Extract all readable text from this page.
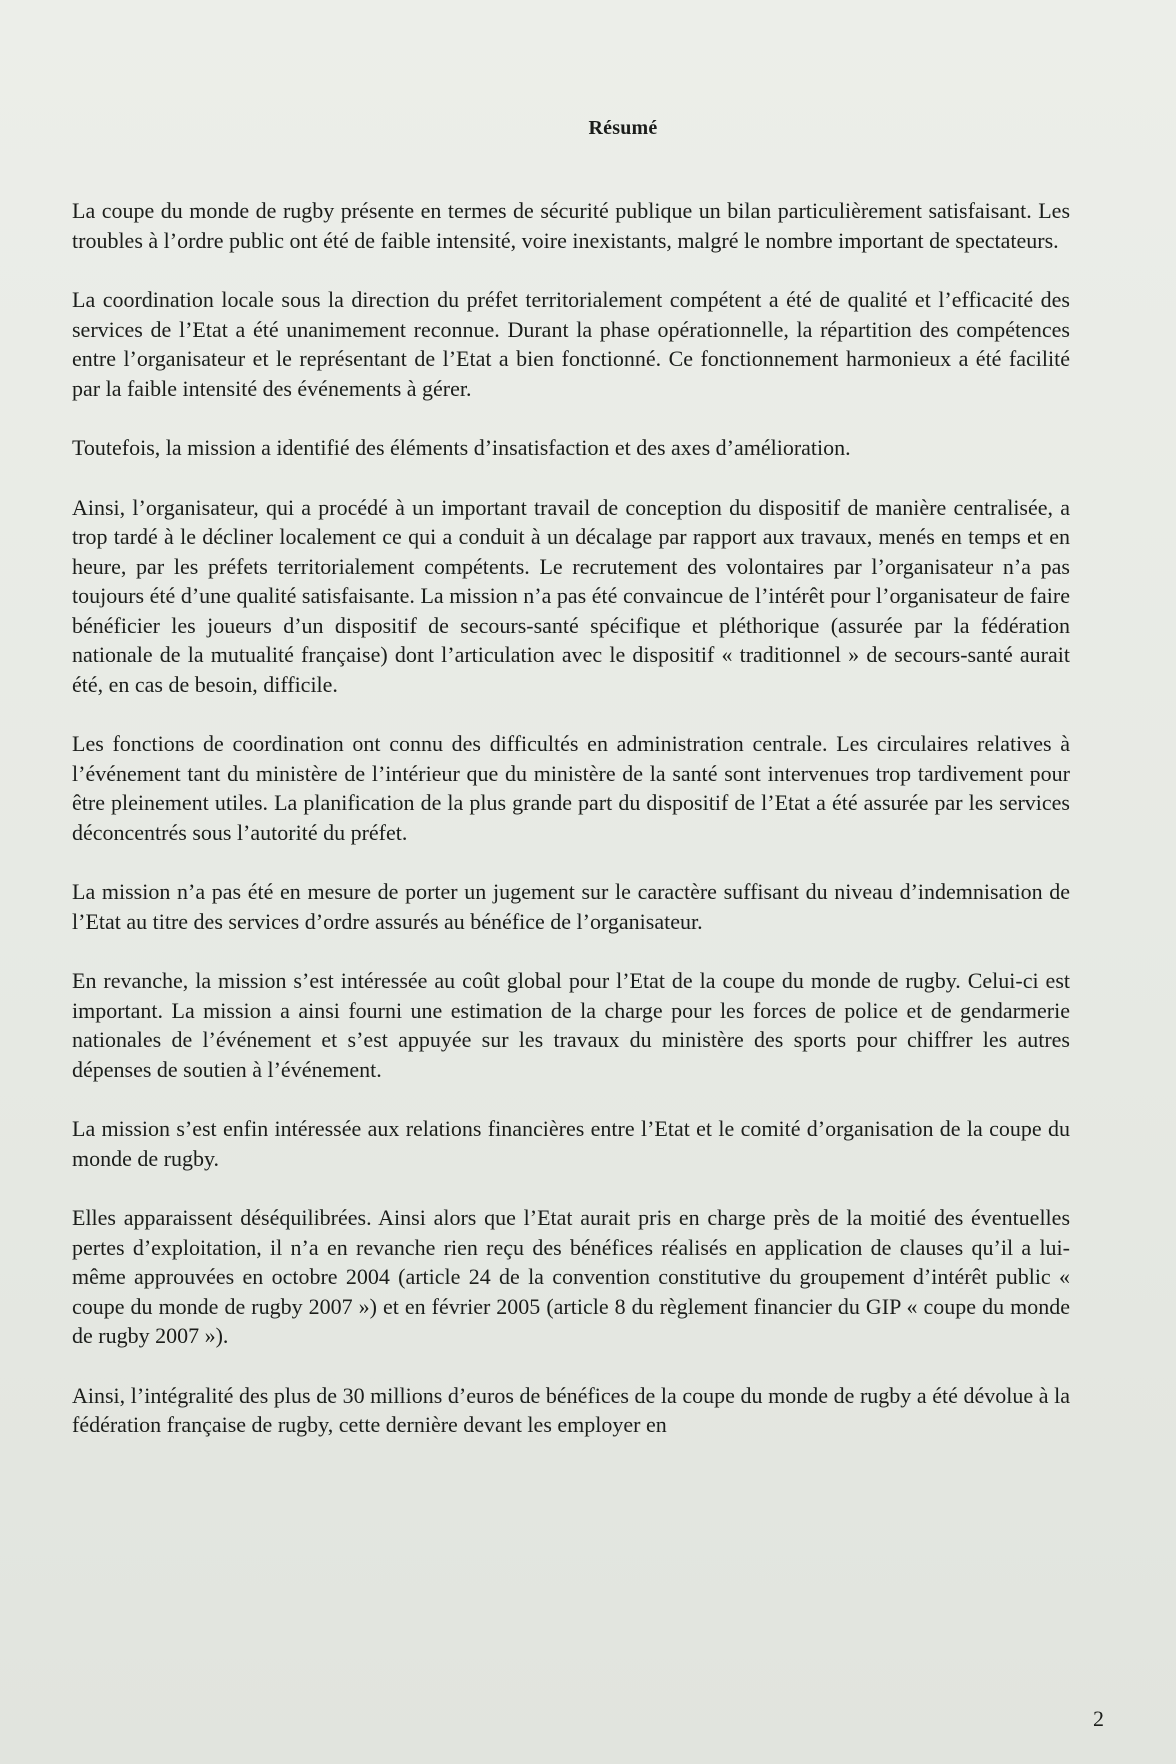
Résumé

La coupe du monde de rugby présente en termes de sécurité publique un bilan particulièrement satisfaisant. Les troubles à l’ordre public ont été de faible intensité, voire inexistants, malgré le nombre important de spectateurs.

La coordination locale sous la direction du préfet territorialement compétent a été de qualité et l’efficacité des services de l’Etat a été unanimement reconnue. Durant la phase opérationnelle, la répartition des compétences entre l’organisateur et le représentant de l’Etat a bien fonctionné. Ce fonctionnement harmonieux a été facilité par la faible intensité des événements à gérer.

Toutefois, la mission a identifié des éléments d’insatisfaction et des axes d’amélioration.

Ainsi, l’organisateur, qui a procédé à un important travail de conception du dispositif de manière centralisée, a trop tardé à le décliner localement ce qui a conduit à un décalage par rapport aux travaux, menés en temps et en heure, par les préfets territorialement compétents. Le recrutement des volontaires par l’organisateur n’a pas toujours été d’une qualité satisfaisante. La mission n’a pas été convaincue de l’intérêt pour l’organisateur de faire bénéficier les joueurs d’un dispositif de secours-santé spécifique et pléthorique (assurée par la fédération nationale de la mutualité française) dont l’articulation avec le dispositif « traditionnel » de secours-santé aurait été, en cas de besoin, difficile.

Les fonctions de coordination ont connu des difficultés en administration centrale. Les circulaires relatives à l’événement tant du ministère de l’intérieur que du ministère de la santé sont intervenues trop tardivement pour être pleinement utiles. La planification de la plus grande part du dispositif de l’Etat a été assurée par les services déconcentrés sous l’autorité du préfet.

La mission n’a pas été en mesure de porter un jugement sur le caractère suffisant du niveau d’indemnisation de l’Etat au titre des services d’ordre assurés au bénéfice de l’organisateur.

En revanche, la mission s’est intéressée au coût global pour l’Etat de la coupe du monde de rugby. Celui-ci est important. La mission a ainsi fourni une estimation de la charge pour les forces de police et de gendarmerie nationales de l’événement et s’est appuyée sur les travaux du ministère des sports pour chiffrer les autres dépenses de soutien à l’événement.

La mission s’est enfin intéressée aux relations financières entre l’Etat et le comité d’organisation de la coupe du monde de rugby.

Elles apparaissent déséquilibrées. Ainsi alors que l’Etat aurait pris en charge près de la moitié des éventuelles pertes d’exploitation, il n’a en revanche rien reçu des bénéfices réalisés en application de clauses qu’il a lui-même approuvées en octobre 2004 (article 24 de la convention constitutive du groupement d’intérêt public « coupe du monde de rugby 2007 ») et en février 2005 (article 8 du règlement financier du GIP « coupe du monde de rugby 2007 »).

Ainsi, l’intégralité des plus de 30 millions d’euros de bénéfices de la coupe du monde de rugby a été dévolue à la fédération française de rugby, cette dernière devant les employer en

2
